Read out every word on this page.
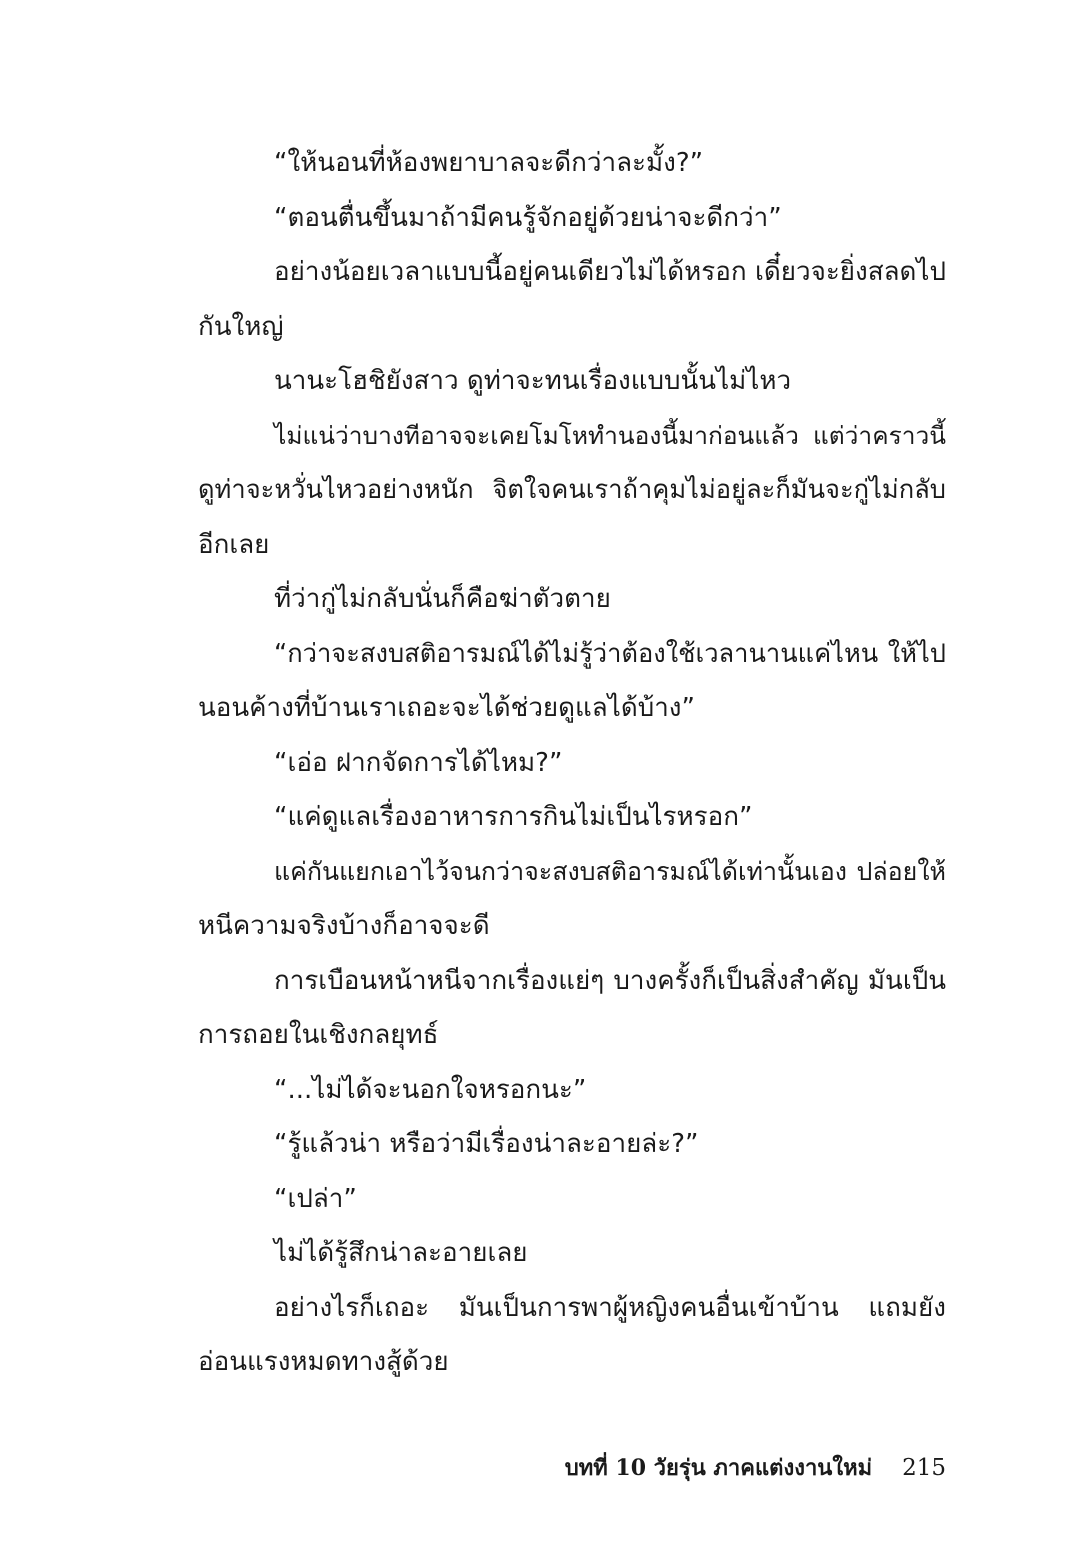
“ให้นอนที่ห้องพยาบาลจะดีกว่าละมั้ง?”
“ตอนตื่นขึ้นมาถ้ามีคนรู้จักอยู่ด้วยน่าจะดีกว่า”
อย่างน้อยเวลาแบบนี้อยู่คนเดียวไม่ได้หรอก เดี๋ยวจะยิ่งสลดไป
กันใหญ่
นานะโฮชิยังสาว ดูท่าจะทนเรื่องแบบนั้นไม่ไหว
ไม่แน่ว่าบางทีอาจจะเคยโมโหทำนองนี้มาก่อนแล้ว แต่ว่าคราวนี้
ดูท่าจะหวั่นไหวอย่างหนัก จิตใจคนเราถ้าคุมไม่อยู่ละก็มันจะกู่ไม่กลับ
อีกเลย
ที่ว่ากู่ไม่กลับนั่นก็คือฆ่าตัวตาย
“กว่าจะสงบสติอารมณ์ได้ไม่รู้ว่าต้องใช้เวลานานแค่ไหน ให้ไป
นอนค้างที่บ้านเราเถอะจะได้ช่วยดูแลได้บ้าง”
“เอ่อ ฝากจัดการได้ไหม?”
“แค่ดูแลเรื่องอาหารการกินไม่เป็นไรหรอก”
แค่กันแยกเอาไว้จนกว่าจะสงบสติอารมณ์ได้เท่านั้นเอง ปล่อยให้
หนีความจริงบ้างก็อาจจะดี
การเบือนหน้าหนีจากเรื่องแย่ๆ บางครั้งก็เป็นสิ่งสำคัญ มันเป็น
การถอยในเชิงกลยุทธ์
“...ไม่ได้จะนอกใจหรอกนะ”
“รู้แล้วน่า หรือว่ามีเรื่องน่าละอายล่ะ?”
“เปล่า”
ไม่ได้รู้สึกน่าละอายเลย
อย่างไรก็เถอะ มันเป็นการพาผู้หญิงคนอื่นเข้าบ้าน แถมยัง
อ่อนแรงหมดทางสู้ด้วย
บทที่ 10 วัยรุ่น ภาคแต่งงานใหม่ 215
